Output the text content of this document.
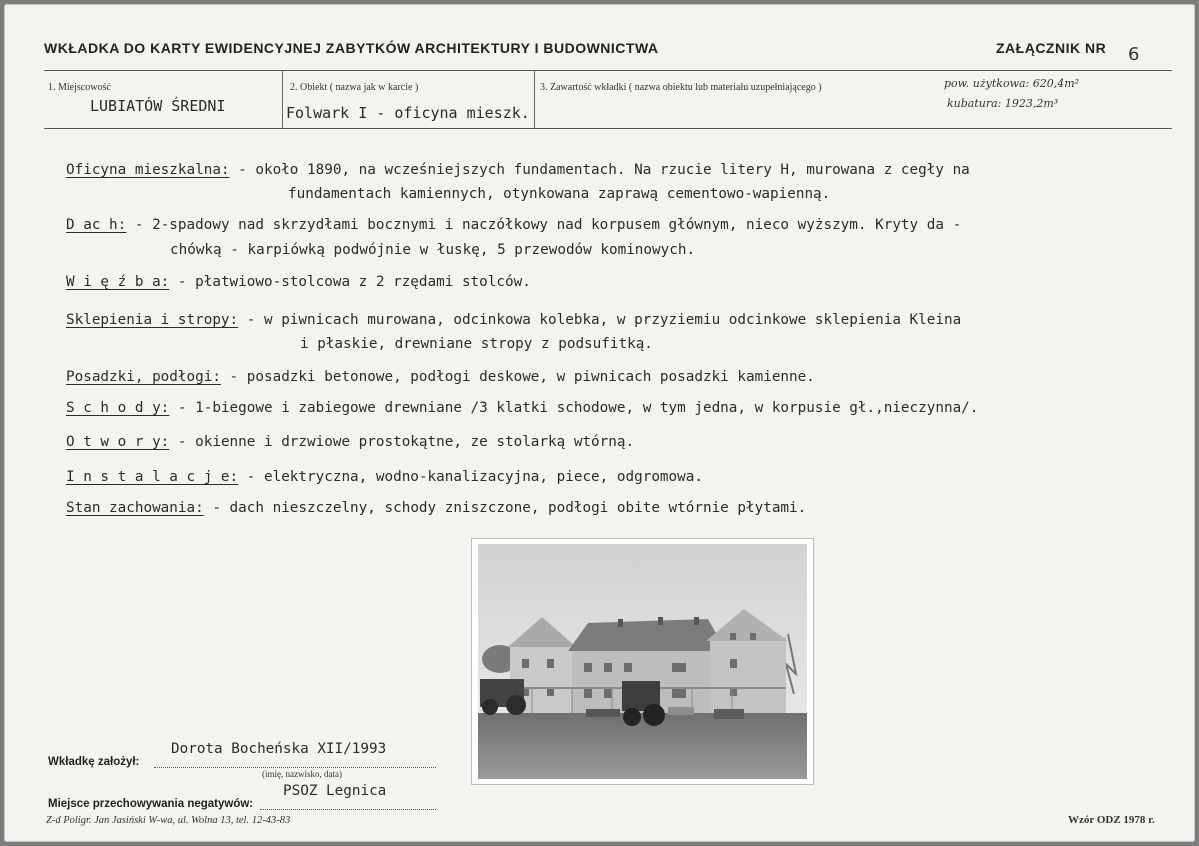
WKŁADKA DO KARTY EWIDENCYJNEJ ZABYTKÓW ARCHITEKTURY I BUDOWNICTWA	ZAŁĄCZNIK NR 6
1. Miejscowość
LUBIATÓW ŚREDNI
2. Obiekt ( nazwa jak w karcie )
Folwark I - oficyna mieszk.
3. Zawartość wkładki ( nazwa obiektu lub materiału uzupełniającego )	pow. użytkowa: 620,4m²
kubatura: 1923,2m³
Oficyna mieszkalna: - około 1890, na wcześniejszych fundamentach. Na rzucie litery H, murowana z cegły na
fundamentach kamiennych, otynkowana zaprawą cementowo-wapienną.
D ac h: - 2-spadowy nad skrzydłami bocznymi i naczółkowy nad korpusem głównym, nieco wyższym. Kryty da -
chówką - karpiówką podwójnie w łuskę, 5 przewodów kominowych.
W i ę ź b a: - płatwiowo-stolcowa z 2 rzędami stolców.
Sklepienia i stropy: - w piwnicach murowana, odcinkowa kolebka, w przyziemiu odcinkowe sklepienia Kleina
i płaskie, drewniane stropy z podsufitką.
Posadzki, podłogi: - posadzki betonowe, podłogi deskowe, w piwnicach posadzki kamienne.
S c h o d y: - 1-biegowe i zabiegowe drewniane /3 klatki schodowe, w tym jedna, w korpusie gł.,nieczynna/.
O t w o r y: - okienne i drzwiowe prostokątne, ze stolarką wtórną.
I n s t a l a c j e: - elektryczna, wodno-kanalizacyjna, piece, odgromowa.
Stan zachowania: - dach nieszczelny, schody zniszczone, podłogi obite wtórnie płytami.
Dorota Bocheńska XII/1993
Wkładkę założył:
(imię, nazwisko, data)
PSOZ Legnica
Miejsce przechowywania negatywów:
Z-d Poligr. Jan Jasiński W-wa, ul. Wolna 13, tel. 12-43-83	Wzór ODZ 1978 r.
